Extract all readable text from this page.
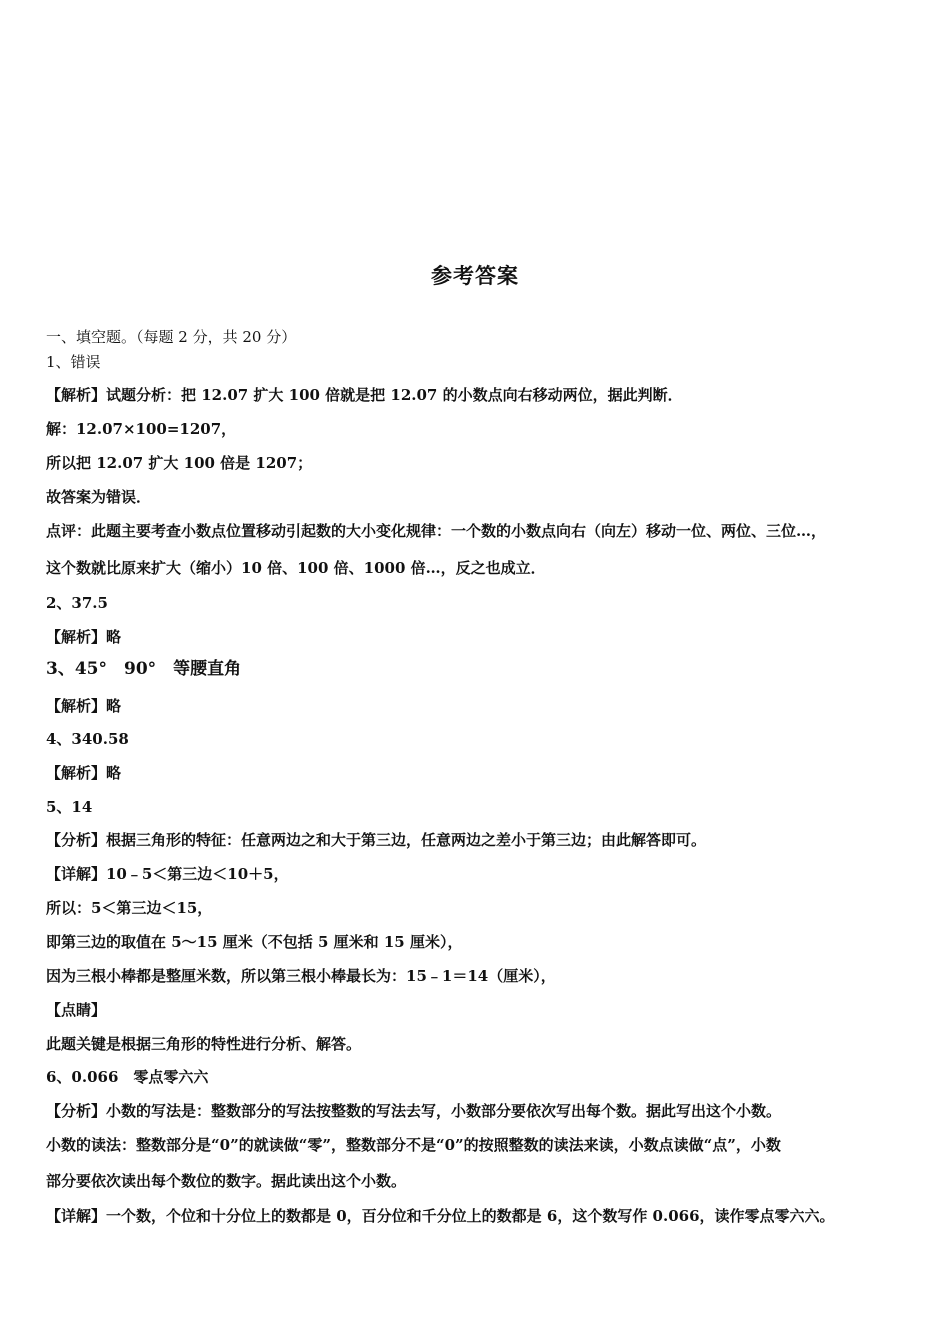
参考答案
一、填空题。（每题 2 分，共 20 分）
1、错误
【解析】试题分析：把 12.07 扩大 100 倍就是把 12.07 的小数点向右移动两位，据此判断．
解：12.07×100=1207，
所以把 12.07 扩大 100 倍是 1207；
故答案为错误．
点评：此题主要考查小数点位置移动引起数的大小变化规律：一个数的小数点向右（向左）移动一位、两位、三位…，
这个数就比原来扩大（缩小）10 倍、100 倍、1000 倍…，反之也成立．
2、37.5
【解析】略
3、45°　90°　等腰直角
【解析】略
4、340.58
【解析】略
5、14
【分析】根据三角形的特征：任意两边之和大于第三边，任意两边之差小于第三边；由此解答即可。
【详解】10﹣5＜第三边＜10＋5，
所以：5＜第三边＜15，
即第三边的取值在 5～15 厘米（不包括 5 厘米和 15 厘米），
因为三根小棒都是整厘米数，所以第三根小棒最长为：15﹣1＝14（厘米），
【点睛】
此题关键是根据三角形的特性进行分析、解答。
6、0.066　零点零六六
【分析】小数的写法是：整数部分的写法按整数的写法去写，小数部分要依次写出每个数。据此写出这个小数。
小数的读法：整数部分是“0”的就读做“零”，整数部分不是“0”的按照整数的读法来读，小数点读做“点”，小数
部分要依次读出每个数位的数字。据此读出这个小数。
【详解】一个数，个位和十分位上的数都是 0，百分位和千分位上的数都是 6，这个数写作 0.066，读作零点零六六。
